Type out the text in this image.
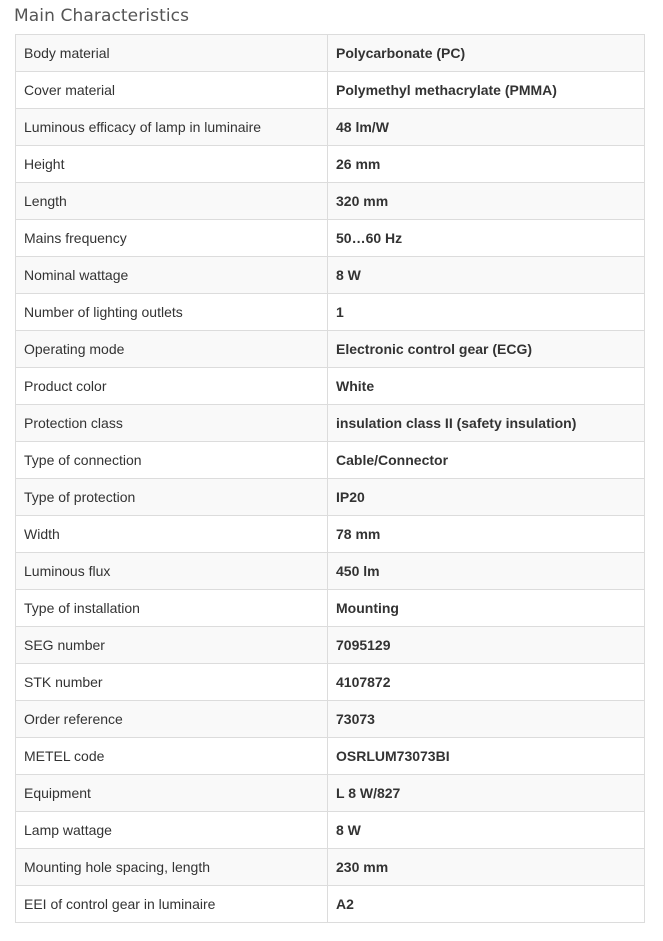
Main Characteristics
Body material	Polycarbonate (PC)
Cover material	Polymethyl methacrylate (PMMA)
Luminous efficacy of lamp in luminaire	48 lm/W
Height	26 mm
Length	320 mm
Mains frequency	50…60 Hz
Nominal wattage	8 W
Number of lighting outlets	1
Operating mode	Electronic control gear (ECG)
Product color	White
Protection class	insulation class II (safety insulation)
Type of connection	Cable/Connector
Type of protection	IP20
Width	78 mm
Luminous flux	450 lm
Type of installation	Mounting
SEG number	7095129
STK number	4107872
Order reference	73073
METEL code	OSRLUM73073BI
Equipment	L 8 W/827
Lamp wattage	8 W
Mounting hole spacing, length	230 mm
EEI of control gear in luminaire	A2
